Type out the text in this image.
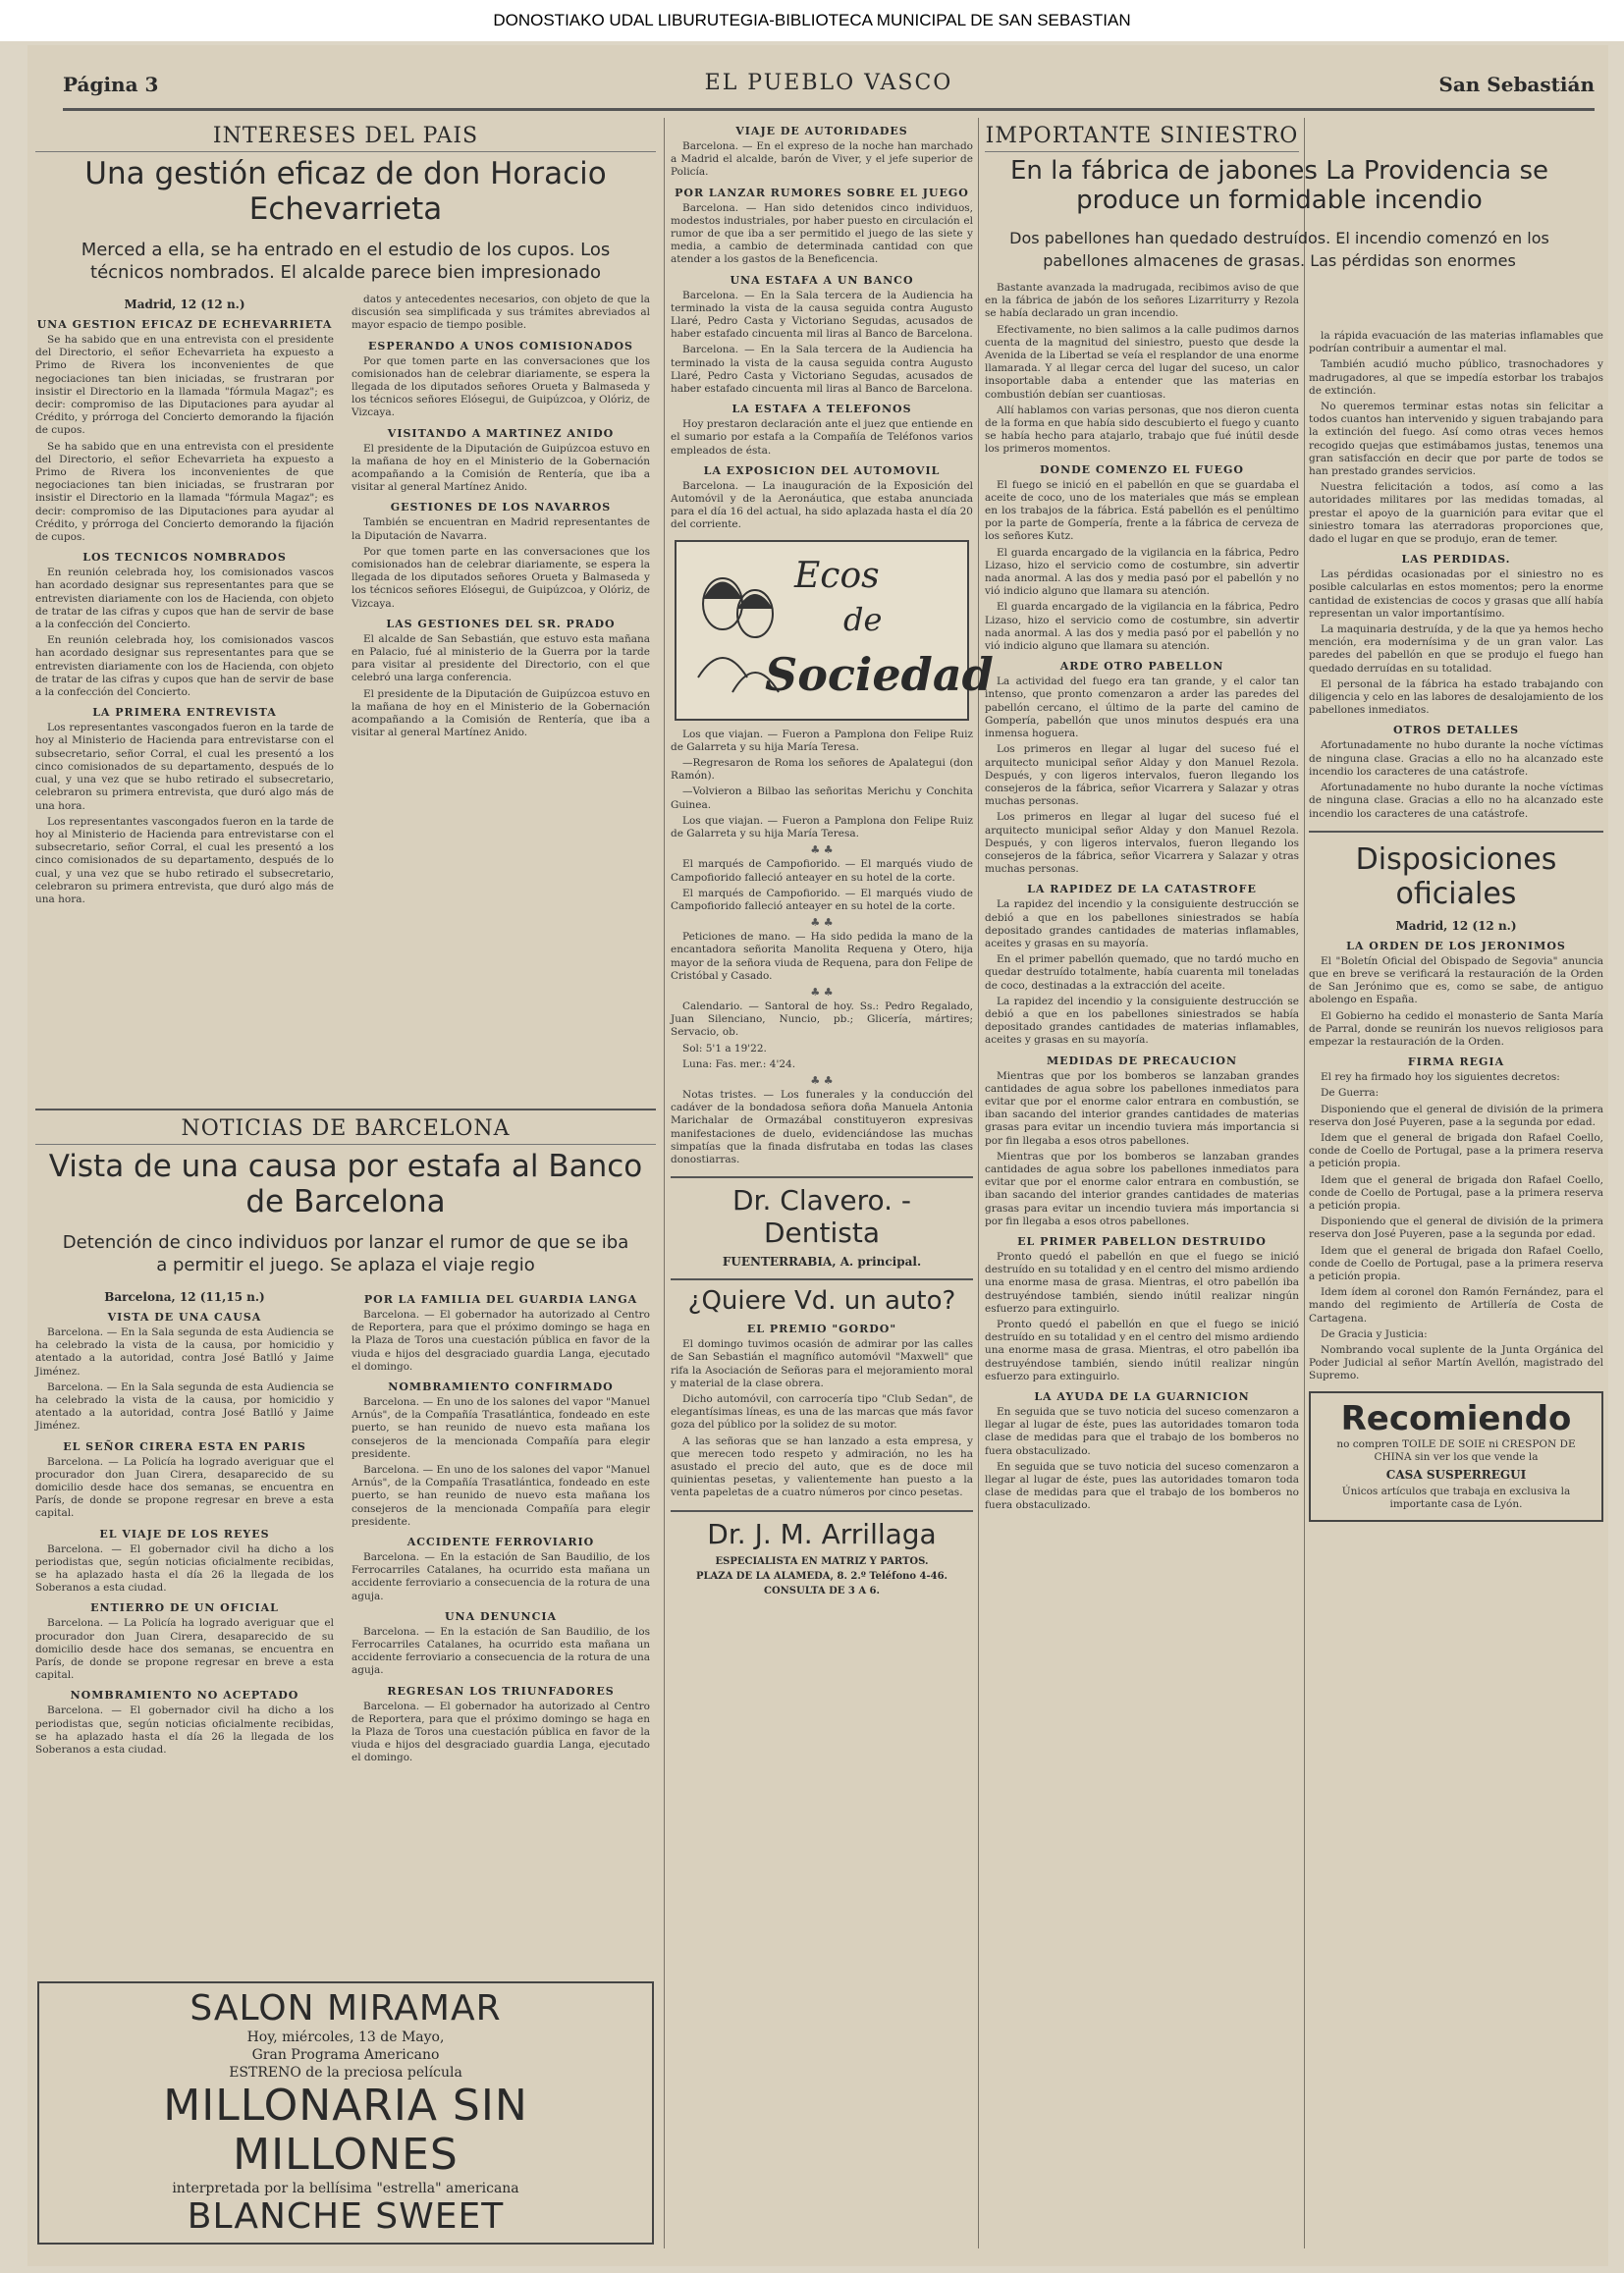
DONOSTIAKO UDAL LIBURUTEGIA-BIBLIOTECA MUNICIPAL DE SAN SEBASTIAN
Página 3	EL PUEBLO VASCO	San Sebastián
INTERESES DEL PAIS
Una gestión eficaz de don Horacio Echevarrieta
Merced a ella, se ha entrado en el estudio de los cupos. Los técnicos nombrados. El alcalde parece bien impresionado
Madrid, 12 (12 n.)
UNA GESTION EFICAZ DE ECHEVARRIETA

Se ha sabido que en una entrevista con el presidente del Directorio, el señor Echevarrieta ha expuesto a Primo de Rivera los inconvenientes de que negociaciones tan bien iniciadas, se frustraran por insistir el Directorio en la llamada "fórmula Magaz"; es decir: compromiso de las Diputaciones para ayudar al Crédito, y prórroga del Concierto demorando la fijación de cupos.

Se ha sabido que en una entrevista con el presidente del Directorio, el señor Echevarrieta ha expuesto a Primo de Rivera los inconvenientes de que negociaciones tan bien iniciadas, se frustraran por insistir el Directorio en la llamada "fórmula Magaz"; es decir: compromiso de las Diputaciones para ayudar al Crédito, y prórroga del Concierto demorando la fijación de cupos.

LOS TECNICOS NOMBRADOS

En reunión celebrada hoy, los comisionados vascos han acordado designar sus representantes para que se entrevisten diariamente con los de Hacienda, con objeto de tratar de las cifras y cupos que han de servir de base a la confección del Concierto.

En reunión celebrada hoy, los comisionados vascos han acordado designar sus representantes para que se entrevisten diariamente con los de Hacienda, con objeto de tratar de las cifras y cupos que han de servir de base a la confección del Concierto.

LA PRIMERA ENTREVISTA

Los representantes vascongados fueron en la tarde de hoy al Ministerio de Hacienda para entrevistarse con el subsecretario, señor Corral, el cual les presentó a los cinco comisionados de su departamento, después de lo cual, y una vez que se hubo retirado el subsecretario, celebraron su primera entrevista, que duró algo más de una hora.

Los representantes vascongados fueron en la tarde de hoy al Ministerio de Hacienda para entrevistarse con el subsecretario, señor Corral, el cual les presentó a los cinco comisionados de su departamento, después de lo cual, y una vez que se hubo retirado el subsecretario, celebraron su primera entrevista, que duró algo más de una hora.

datos y antecedentes necesarios, con objeto de que la discusión sea simplificada y sus trámites abreviados al mayor espacio de tiempo posible.

ESPERANDO A UNOS COMISIONADOS

Por que tomen parte en las conversaciones que los comisionados han de celebrar diariamente, se espera la llegada de los diputados señores Orueta y Balmaseda y los técnicos señores Elósegui, de Guipúzcoa, y Olóriz, de Vizcaya.

VISITANDO A MARTINEZ ANIDO

El presidente de la Diputación de Guipúzcoa estuvo en la mañana de hoy en el Ministerio de la Gobernación acompañando a la Comisión de Rentería, que iba a visitar al general Martínez Anido.

GESTIONES DE LOS NAVARROS

También se encuentran en Madrid representantes de la Diputación de Navarra.

Por que tomen parte en las conversaciones que los comisionados han de celebrar diariamente, se espera la llegada de los diputados señores Orueta y Balmaseda y los técnicos señores Elósegui, de Guipúzcoa, y Olóriz, de Vizcaya.

LAS GESTIONES DEL SR. PRADO

El alcalde de San Sebastián, que estuvo esta mañana en Palacio, fué al ministerio de la Guerra por la tarde para visitar al presidente del Directorio, con el que celebró una larga conferencia.

El presidente de la Diputación de Guipúzcoa estuvo en la mañana de hoy en el Ministerio de la Gobernación acompañando a la Comisión de Rentería, que iba a visitar al general Martínez Anido.

NOTICIAS DE BARCELONA
Vista de una causa por estafa al Banco de Barcelona
Detención de cinco individuos por lanzar el rumor de que se iba a permitir el juego. Se aplaza el viaje regio
Barcelona, 12 (11,15 n.)
VISTA DE UNA CAUSA

Barcelona. — En la Sala segunda de esta Audiencia se ha celebrado la vista de la causa, por homicidio y atentado a la autoridad, contra José Batlló y Jaime Jiménez.

Barcelona. — En la Sala segunda de esta Audiencia se ha celebrado la vista de la causa, por homicidio y atentado a la autoridad, contra José Batlló y Jaime Jiménez.

EL SEÑOR CIRERA ESTA EN PARIS

Barcelona. — La Policía ha logrado averiguar que el procurador don Juan Cirera, desaparecido de su domicilio desde hace dos semanas, se encuentra en París, de donde se propone regresar en breve a esta capital.

EL VIAJE DE LOS REYES

Barcelona. — El gobernador civil ha dicho a los periodistas que, según noticias oficialmente recibidas, se ha aplazado hasta el día 26 la llegada de los Soberanos a esta ciudad.

ENTIERRO DE UN OFICIAL

Barcelona. — La Policía ha logrado averiguar que el procurador don Juan Cirera, desaparecido de su domicilio desde hace dos semanas, se encuentra en París, de donde se propone regresar en breve a esta capital.

NOMBRAMIENTO NO ACEPTADO

Barcelona. — El gobernador civil ha dicho a los periodistas que, según noticias oficialmente recibidas, se ha aplazado hasta el día 26 la llegada de los Soberanos a esta ciudad.

POR LA FAMILIA DEL GUARDIA LANGA

Barcelona. — El gobernador ha autorizado al Centro de Reportera, para que el próximo domingo se haga en la Plaza de Toros una cuestación pública en favor de la viuda e hijos del desgraciado guardia Langa, ejecutado el domingo.

NOMBRAMIENTO CONFIRMADO

Barcelona. — En uno de los salones del vapor "Manuel Arnús", de la Compañía Trasatlántica, fondeado en este puerto, se han reunido de nuevo esta mañana los consejeros de la mencionada Compañía para elegir presidente.

Barcelona. — En uno de los salones del vapor "Manuel Arnús", de la Compañía Trasatlántica, fondeado en este puerto, se han reunido de nuevo esta mañana los consejeros de la mencionada Compañía para elegir presidente.

ACCIDENTE FERROVIARIO

Barcelona. — En la estación de San Baudilio, de los Ferrocarriles Catalanes, ha ocurrido esta mañana un accidente ferroviario a consecuencia de la rotura de una aguja.

UNA DENUNCIA

Barcelona. — En la estación de San Baudilio, de los Ferrocarriles Catalanes, ha ocurrido esta mañana un accidente ferroviario a consecuencia de la rotura de una aguja.

REGRESAN LOS TRIUNFADORES

Barcelona. — El gobernador ha autorizado al Centro de Reportera, para que el próximo domingo se haga en la Plaza de Toros una cuestación pública en favor de la viuda e hijos del desgraciado guardia Langa, ejecutado el domingo.

SALON MIRAMAR
Hoy, miércoles, 13 de Mayo,
Gran Programa Americano
ESTRENO de la preciosa película
MILLONARIA SIN MILLONES
interpretada por la bellísima "estrella" americana
BLANCHE SWEET
VIAJE DE AUTORIDADES

Barcelona. — En el expreso de la noche han marchado a Madrid el alcalde, barón de Viver, y el jefe superior de Policía.

POR LANZAR RUMORES SOBRE EL JUEGO

Barcelona. — Han sido detenidos cinco individuos, modestos industriales, por haber puesto en circulación el rumor de que iba a ser permitido el juego de las siete y media, a cambio de determinada cantidad con que atender a los gastos de la Beneficencia.

UNA ESTAFA A UN BANCO

Barcelona. — En la Sala tercera de la Audiencia ha terminado la vista de la causa seguida contra Augusto Llaré, Pedro Casta y Victoriano Segudas, acusados de haber estafado cincuenta mil liras al Banco de Barcelona.

Barcelona. — En la Sala tercera de la Audiencia ha terminado la vista de la causa seguida contra Augusto Llaré, Pedro Casta y Victoriano Segudas, acusados de haber estafado cincuenta mil liras al Banco de Barcelona.

LA ESTAFA A TELEFONOS

Hoy prestaron declaración ante el juez que entiende en el sumario por estafa a la Compañía de Teléfonos varios empleados de ésta.

LA EXPOSICION DEL AUTOMOVIL

Barcelona. — La inauguración de la Exposición del Automóvil y de la Aeronáutica, que estaba anunciada para el día 16 del actual, ha sido aplazada hasta el día 20 del corriente.

Ecos
de
Sociedad

Los que viajan. — Fueron a Pamplona don Felipe Ruiz de Galarreta y su hija María Teresa.

—Regresaron de Roma los señores de Apalategui (don Ramón).

—Volvieron a Bilbao las señoritas Merichu y Conchita Guinea.

Los que viajan. — Fueron a Pamplona don Felipe Ruiz de Galarreta y su hija María Teresa.

♣ ♣

El marqués de Campofiorido. — El marqués viudo de Campofiorido falleció anteayer en su hotel de la corte.

El marqués de Campofiorido. — El marqués viudo de Campofiorido falleció anteayer en su hotel de la corte.

♣ ♣

Peticiones de mano. — Ha sido pedida la mano de la encantadora señorita Manolita Requena y Otero, hija mayor de la señora viuda de Requena, para don Felipe de Cristóbal y Casado.

♣ ♣

Calendario. — Santoral de hoy. Ss.: Pedro Regalado, Juan Silenciano, Nuncio, pb.; Glicería, mártires; Servacio, ob.

Sol: 5'1 a 19'22.

Luna: Fas. mer.: 4'24.

♣ ♣

Notas tristes. — Los funerales y la conducción del cadáver de la bondadosa señora doña Manuela Antonia Marichalar de Ormazábal constituyeron expresivas manifestaciones de duelo, evidenciándose las muchas simpatías que la finada disfrutaba en todas las clases donostiarras.

Dr. Clavero. - Dentista
FUENTERRABIA, A. principal.
¿Quiere Vd. un auto?
EL PREMIO "GORDO"

El domingo tuvimos ocasión de admirar por las calles de San Sebastián el magnífico automóvil "Maxwell" que rifa la Asociación de Señoras para el mejoramiento moral y material de la clase obrera.

Dicho automóvil, con carrocería tipo "Club Sedan", de elegantísimas líneas, es una de las marcas que más favor goza del público por la solidez de su motor.

A las señoras que se han lanzado a esta empresa, y que merecen todo respeto y admiración, no les ha asustado el precio del auto, que es de doce mil quinientas pesetas, y valientemente han puesto a la venta papeletas de a cuatro números por cinco pesetas.

Dr. J. M. Arrillaga
ESPECIALISTA EN MATRIZ Y PARTOS.
PLAZA DE LA ALAMEDA, 8. 2.º Teléfono 4-46.
CONSULTA DE 3 A 6.
IMPORTANTE SINIESTRO
En la fábrica de jabones La Providencia se produce un formidable incendio
Dos pabellones han quedado destruídos. El incendio comenzó en los pabellones almacenes de grasas. Las pérdidas son enormes

Bastante avanzada la madrugada, recibimos aviso de que en la fábrica de jabón de los señores Lizarriturry y Rezola se había declarado un gran incendio.

Efectivamente, no bien salimos a la calle pudimos darnos cuenta de la magnitud del siniestro, puesto que desde la Avenida de la Libertad se veía el resplandor de una enorme llamarada. Y al llegar cerca del lugar del suceso, un calor insoportable daba a entender que las materias en combustión debían ser cuantiosas.

Allí hablamos con varias personas, que nos dieron cuenta de la forma en que había sido descubierto el fuego y cuanto se había hecho para atajarlo, trabajo que fué inútil desde los primeros momentos.

DONDE COMENZO EL FUEGO

El fuego se inició en el pabellón en que se guardaba el aceite de coco, uno de los materiales que más se emplean en los trabajos de la fábrica. Está pabellón es el penúltimo por la parte de Gompería, frente a la fábrica de cerveza de los señores Kutz.

El guarda encargado de la vigilancia en la fábrica, Pedro Lizaso, hizo el servicio como de costumbre, sin advertir nada anormal. A las dos y media pasó por el pabellón y no vió indicio alguno que llamara su atención.

El guarda encargado de la vigilancia en la fábrica, Pedro Lizaso, hizo el servicio como de costumbre, sin advertir nada anormal. A las dos y media pasó por el pabellón y no vió indicio alguno que llamara su atención.

ARDE OTRO PABELLON

La actividad del fuego era tan grande, y el calor tan intenso, que pronto comenzaron a arder las paredes del pabellón cercano, el último de la parte del camino de Gompería, pabellón que unos minutos después era una inmensa hoguera.

Los primeros en llegar al lugar del suceso fué el arquitecto municipal señor Alday y don Manuel Rezola. Después, y con ligeros intervalos, fueron llegando los consejeros de la fábrica, señor Vicarrera y Salazar y otras muchas personas.

Los primeros en llegar al lugar del suceso fué el arquitecto municipal señor Alday y don Manuel Rezola. Después, y con ligeros intervalos, fueron llegando los consejeros de la fábrica, señor Vicarrera y Salazar y otras muchas personas.

LA RAPIDEZ DE LA CATASTROFE

La rapidez del incendio y la consiguiente destrucción se debió a que en los pabellones siniestrados se había depositado grandes cantidades de materias inflamables, aceites y grasas en su mayoría.

En el primer pabellón quemado, que no tardó mucho en quedar destruído totalmente, había cuarenta mil toneladas de coco, destinadas a la extracción del aceite.

La rapidez del incendio y la consiguiente destrucción se debió a que en los pabellones siniestrados se había depositado grandes cantidades de materias inflamables, aceites y grasas en su mayoría.

MEDIDAS DE PRECAUCION

Mientras que por los bomberos se lanzaban grandes cantidades de agua sobre los pabellones inmediatos para evitar que por el enorme calor entrara en combustión, se iban sacando del interior grandes cantidades de materias grasas para evitar un incendio tuviera más importancia si por fin llegaba a esos otros pabellones.

Mientras que por los bomberos se lanzaban grandes cantidades de agua sobre los pabellones inmediatos para evitar que por el enorme calor entrara en combustión, se iban sacando del interior grandes cantidades de materias grasas para evitar un incendio tuviera más importancia si por fin llegaba a esos otros pabellones.

EL PRIMER PABELLON DESTRUIDO

Pronto quedó el pabellón en que el fuego se inició destruído en su totalidad y en el centro del mismo ardiendo una enorme masa de grasa. Mientras, el otro pabellón iba destruyéndose también, siendo inútil realizar ningún esfuerzo para extinguirlo.

Pronto quedó el pabellón en que el fuego se inició destruído en su totalidad y en el centro del mismo ardiendo una enorme masa de grasa. Mientras, el otro pabellón iba destruyéndose también, siendo inútil realizar ningún esfuerzo para extinguirlo.

LA AYUDA DE LA GUARNICION

En seguida que se tuvo noticia del suceso comenzaron a llegar al lugar de éste, pues las autoridades tomaron toda clase de medidas para que el trabajo de los bomberos no fuera obstaculizado.

En seguida que se tuvo noticia del suceso comenzaron a llegar al lugar de éste, pues las autoridades tomaron toda clase de medidas para que el trabajo de los bomberos no fuera obstaculizado.

la rápida evacuación de las materias inflamables que podrían contribuir a aumentar el mal.

También acudió mucho público, trasnochadores y madrugadores, al que se impedía estorbar los trabajos de extinción.

No queremos terminar estas notas sin felicitar a todos cuantos han intervenido y siguen trabajando para la extinción del fuego. Así como otras veces hemos recogido quejas que estimábamos justas, tenemos una gran satisfacción en decir que por parte de todos se han prestado grandes servicios.

Nuestra felicitación a todos, así como a las autoridades militares por las medidas tomadas, al prestar el apoyo de la guarnición para evitar que el siniestro tomara las aterradoras proporciones que, dado el lugar en que se produjo, eran de temer.

LAS PERDIDAS.

Las pérdidas ocasionadas por el siniestro no es posible calcularlas en estos momentos; pero la enorme cantidad de existencias de cocos y grasas que allí había representan un valor importantísimo.

La maquinaria destruída, y de la que ya hemos hecho mención, era modernísima y de un gran valor. Las paredes del pabellón en que se produjo el fuego han quedado derruídas en su totalidad.

El personal de la fábrica ha estado trabajando con diligencia y celo en las labores de desalojamiento de los pabellones inmediatos.

OTROS DETALLES

Afortunadamente no hubo durante la noche víctimas de ninguna clase. Gracias a ello no ha alcanzado este incendio los caracteres de una catástrofe.

Afortunadamente no hubo durante la noche víctimas de ninguna clase. Gracias a ello no ha alcanzado este incendio los caracteres de una catástrofe.

Disposiciones oficiales
Madrid, 12 (12 n.)
LA ORDEN DE LOS JERONIMOS

El "Boletín Oficial del Obispado de Segovia" anuncia que en breve se verificará la restauración de la Orden de San Jerónimo que es, como se sabe, de antiguo abolengo en España.

El Gobierno ha cedido el monasterio de Santa María de Parral, donde se reunirán los nuevos religiosos para empezar la restauración de la Orden.

FIRMA REGIA

El rey ha firmado hoy los siguientes decretos:

De Guerra:

Disponiendo que el general de división de la primera reserva don José Puyeren, pase a la segunda por edad.

Idem que el general de brigada don Rafael Coello, conde de Coello de Portugal, pase a la primera reserva a petición propia.

Idem que el general de brigada don Rafael Coello, conde de Coello de Portugal, pase a la primera reserva a petición propia.

Disponiendo que el general de división de la primera reserva don José Puyeren, pase a la segunda por edad.

Idem que el general de brigada don Rafael Coello, conde de Coello de Portugal, pase a la primera reserva a petición propia.

Idem ídem al coronel don Ramón Fernández, para el mando del regimiento de Artillería de Costa de Cartagena.

De Gracia y Justicia:

Nombrando vocal suplente de la Junta Orgánica del Poder Judicial al señor Martín Avellón, magistrado del Supremo.

Recomiendo
no compren TOILE DE SOIE ni CRESPON DE CHINA sin ver los que vende la
CASA SUSPERREGUI
Únicos artículos que trabaja en exclusiva la importante casa de Lyón.
